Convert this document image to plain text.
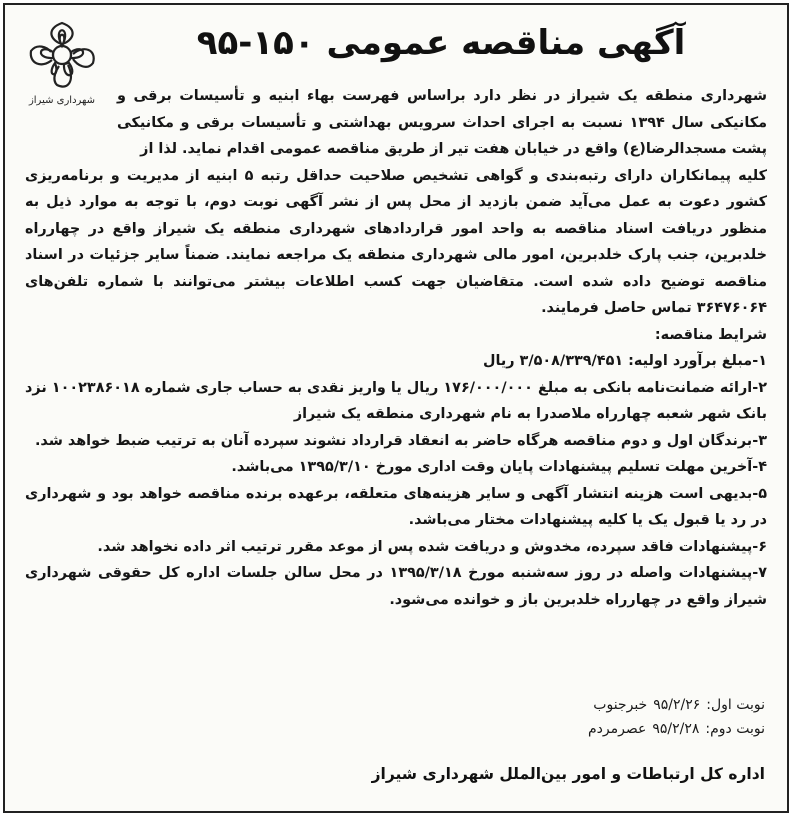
شهرداری شیراز
آگهی مناقصه عمومی ۱۵۰-۹۵
شهرداری منطقه یک شیراز در نظر دارد براساس فهرست بهاء ابنیه و تأسیسات برقی و مکانیکی سال ۱۳۹۴ نسبت به اجرای احداث سرویس بهداشتی و تأسیسات برقی و مکانیکی پشت مسجدالرضا(ع) واقع در خیابان هفت تیر از طریق مناقصه عمومی اقدام نماید. لذا از
کلیه پیمانکاران دارای رتبه‌بندی و گواهی تشخیص صلاحیت حداقل رتبه ۵ ابنیه از مدیریت و برنامه‌ریزی کشور دعوت به عمل می‌آید ضمن بازدید از محل پس از نشر آگهی نوبت دوم، با توجه به موارد ذیل به منظور دریافت اسناد مناقصه به واحد امور قراردادهای شهرداری منطقه یک شیراز واقع در چهارراه خلدبرین، جنب پارک خلدبرین، امور مالی شهرداری منطقه یک مراجعه نمایند. ضمناً سایر جزئیات در اسناد مناقصه توضیح داده شده است. متقاضیان جهت کسب اطلاعات بیشتر می‌توانند با شماره تلفن‌های ۳۶۴۷۶۰۶۴ تماس حاصل فرمایند.
شرایط مناقصه:
۱-مبلغ برآورد اولیه: ۳/۵۰۸/۳۳۹/۴۵۱ ریال
۲-ارائه ضمانت‌نامه بانکی به مبلغ ۱۷۶/۰۰۰/۰۰۰ ریال یا واریز نقدی به حساب جاری شماره ۱۰۰۲۳۸۶۰۱۸ نزد بانک شهر شعبه چهارراه ملاصدرا به نام شهرداری منطقه یک شیراز
۳-برندگان اول و دوم مناقصه هرگاه حاضر به انعقاد قرارداد نشوند سپرده آنان به ترتیب ضبط خواهد شد.
۴-آخرین مهلت تسلیم پیشنهادات پایان وقت اداری مورخ ۱۳۹۵/۳/۱۰ می‌باشد.
۵-بدیهی است هزینه انتشار آگهی و سایر هزینه‌های متعلقه، برعهده برنده مناقصه خواهد بود و شهرداری در رد یا قبول یک یا کلیه پیشنهادات مختار می‌باشد.
۶-پیشنهادات فاقد سپرده، مخدوش و دریافت شده پس از موعد مقرر ترتیب اثر داده نخواهد شد.
۷-پیشنهادات واصله در روز سه‌شنبه مورخ ۱۳۹۵/۳/۱۸ در محل سالن جلسات اداره کل حقوقی شهرداری شیراز واقع در چهارراه خلدبرین باز و خوانده می‌شود.
نوبت اول:۹۵/۲/۲۶خبرجنوب
نوبت دوم:۹۵/۲/۲۸عصرمردم
اداره کل ارتباطات و امور بین‌الملل شهرداری شیراز
